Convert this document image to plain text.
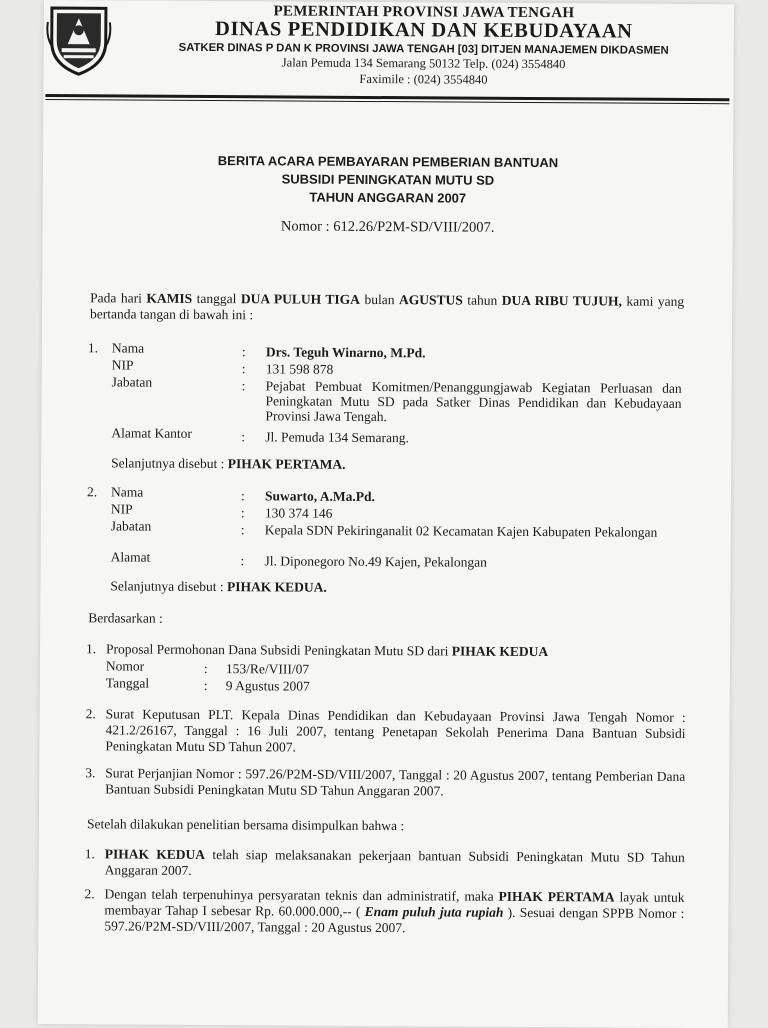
PEMERINTAH PROVINSI JAWA TENGAH
DINAS PENDIDIKAN DAN KEBUDAYAAN
SATKER DINAS P DAN K PROVINSI JAWA TENGAH [03] DITJEN MANAJEMEN DIKDASMEN
Jalan Pemuda 134 Semarang 50132 Telp. (024) 3554840
Faximile : (024) 3554840
BERITA ACARA PEMBAYARAN PEMBERIAN BANTUAN
SUBSIDI PENINGKATAN MUTU SD
TAHUN ANGGARAN 2007
Nomor : 612.26/P2M-SD/VIII/2007.
Pada hari KAMIS tanggal DUA PULUH TIGA bulan AGUSTUS tahun DUA RIBU TUJUH, kami yang bertanda tangan di bawah ini :
1. Nama	: Drs. Teguh Winarno, M.Pd.
NIP	: 131 598 878
Jabatan	: Pejabat Pembuat Komitmen/Penanggungjawab Kegiatan Perluasan dan Peningkatan Mutu SD pada Satker Dinas Pendidikan dan Kebudayaan Provinsi Jawa Tengah.
Alamat Kantor	: Jl. Pemuda 134 Semarang.
Selanjutnya disebut : PIHAK PERTAMA.
2. Nama	: Suwarto, A.Ma.Pd.
NIP	: 130 374 146
Jabatan	: Kepala SDN Pekiringanalit 02 Kecamatan Kajen Kabupaten Pekalongan
Alamat	: Jl. Diponegoro No.49 Kajen, Pekalongan
Selanjutnya disebut : PIHAK KEDUA.
Berdasarkan :
1. Proposal Permohonan Dana Subsidi Peningkatan Mutu SD dari PIHAK KEDUA
Nomor	: 153/Re/VIII/07
Tanggal	: 9 Agustus 2007
2. Surat Keputusan PLT. Kepala Dinas Pendidikan dan Kebudayaan Provinsi Jawa Tengah Nomor : 421.2/26167, Tanggal : 16 Juli 2007, tentang Penetapan Sekolah Penerima Dana Bantuan Subsidi Peningkatan Mutu SD Tahun 2007.
3. Surat Perjanjian Nomor : 597.26/P2M-SD/VIII/2007, Tanggal : 20 Agustus 2007, tentang Pemberian Dana Bantuan Subsidi Peningkatan Mutu SD Tahun Anggaran 2007.
Setelah dilakukan penelitian bersama disimpulkan bahwa :
1. PIHAK KEDUA telah siap melaksanakan pekerjaan bantuan Subsidi Peningkatan Mutu SD Tahun Anggaran 2007.
2. Dengan telah terpenuhinya persyaratan teknis dan administratif, maka PIHAK PERTAMA layak untuk membayar Tahap I sebesar Rp. 60.000.000,-- ( Enam puluh juta rupiah ). Sesuai dengan SPPB Nomor : 597.26/P2M-SD/VIII/2007, Tanggal : 20 Agustus 2007.
